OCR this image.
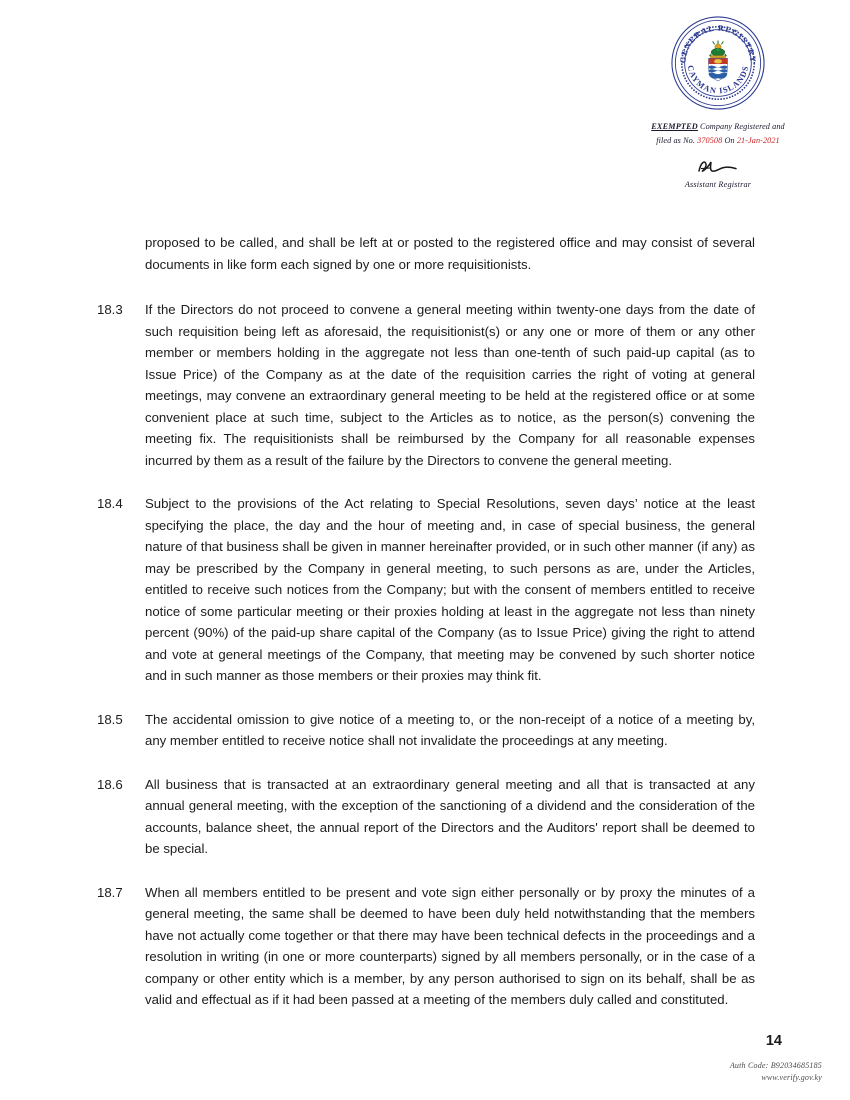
GENERAL REGISTRY
CAYMAN ISLANDS
EXEMPTED Company Registered and
filed as No. 370508 On 21-Jan-2021
Assistant Registrar
proposed to be called, and shall be left at or posted to the registered office and may consist of several documents in like form each signed by one or more requisitionists.
18.3	If the Directors do not proceed to convene a general meeting within twenty-one days from the date of such requisition being left as aforesaid, the requisitionist(s) or any one or more of them or any other member or members holding in the aggregate not less than one-tenth of such paid-up capital (as to Issue Price) of the Company as at the date of the requisition carries the right of voting at general meetings, may convene an extraordinary general meeting to be held at the registered office or at some convenient place at such time, subject to the Articles as to notice, as the person(s) convening the meeting fix. The requisitionists shall be reimbursed by the Company for all reasonable expenses incurred by them as a result of the failure by the Directors to convene the general meeting.
18.4	Subject to the provisions of the Act relating to Special Resolutions, seven days’ notice at the least specifying the place, the day and the hour of meeting and, in case of special business, the general nature of that business shall be given in manner hereinafter provided, or in such other manner (if any) as may be prescribed by the Company in general meeting, to such persons as are, under the Articles, entitled to receive such notices from the Company; but with the consent of members entitled to receive notice of some particular meeting or their proxies holding at least in the aggregate not less than ninety percent (90%) of the paid-up share capital of the Company (as to Issue Price) giving the right to attend and vote at general meetings of the Company, that meeting may be convened by such shorter notice and in such manner as those members or their proxies may think fit.
18.5	The accidental omission to give notice of a meeting to, or the non-receipt of a notice of a meeting by, any member entitled to receive notice shall not invalidate the proceedings at any meeting.
18.6	All business that is transacted at an extraordinary general meeting and all that is transacted at any annual general meeting, with the exception of the sanctioning of a dividend and the consideration of the accounts, balance sheet, the annual report of the Directors and the Auditors' report shall be deemed to be special.
18.7	When all members entitled to be present and vote sign either personally or by proxy the minutes of a general meeting, the same shall be deemed to have been duly held notwithstanding that the members have not actually come together or that there may have been technical defects in the proceedings and a resolution in writing (in one or more counterparts) signed by all members personally, or in the case of a company or other entity which is a member, by any person authorised to sign on its behalf, shall be as valid and effectual as if it had been passed at a meeting of the members duly called and constituted.
14
Auth Code: B92034685185
www.verify.gov.ky
